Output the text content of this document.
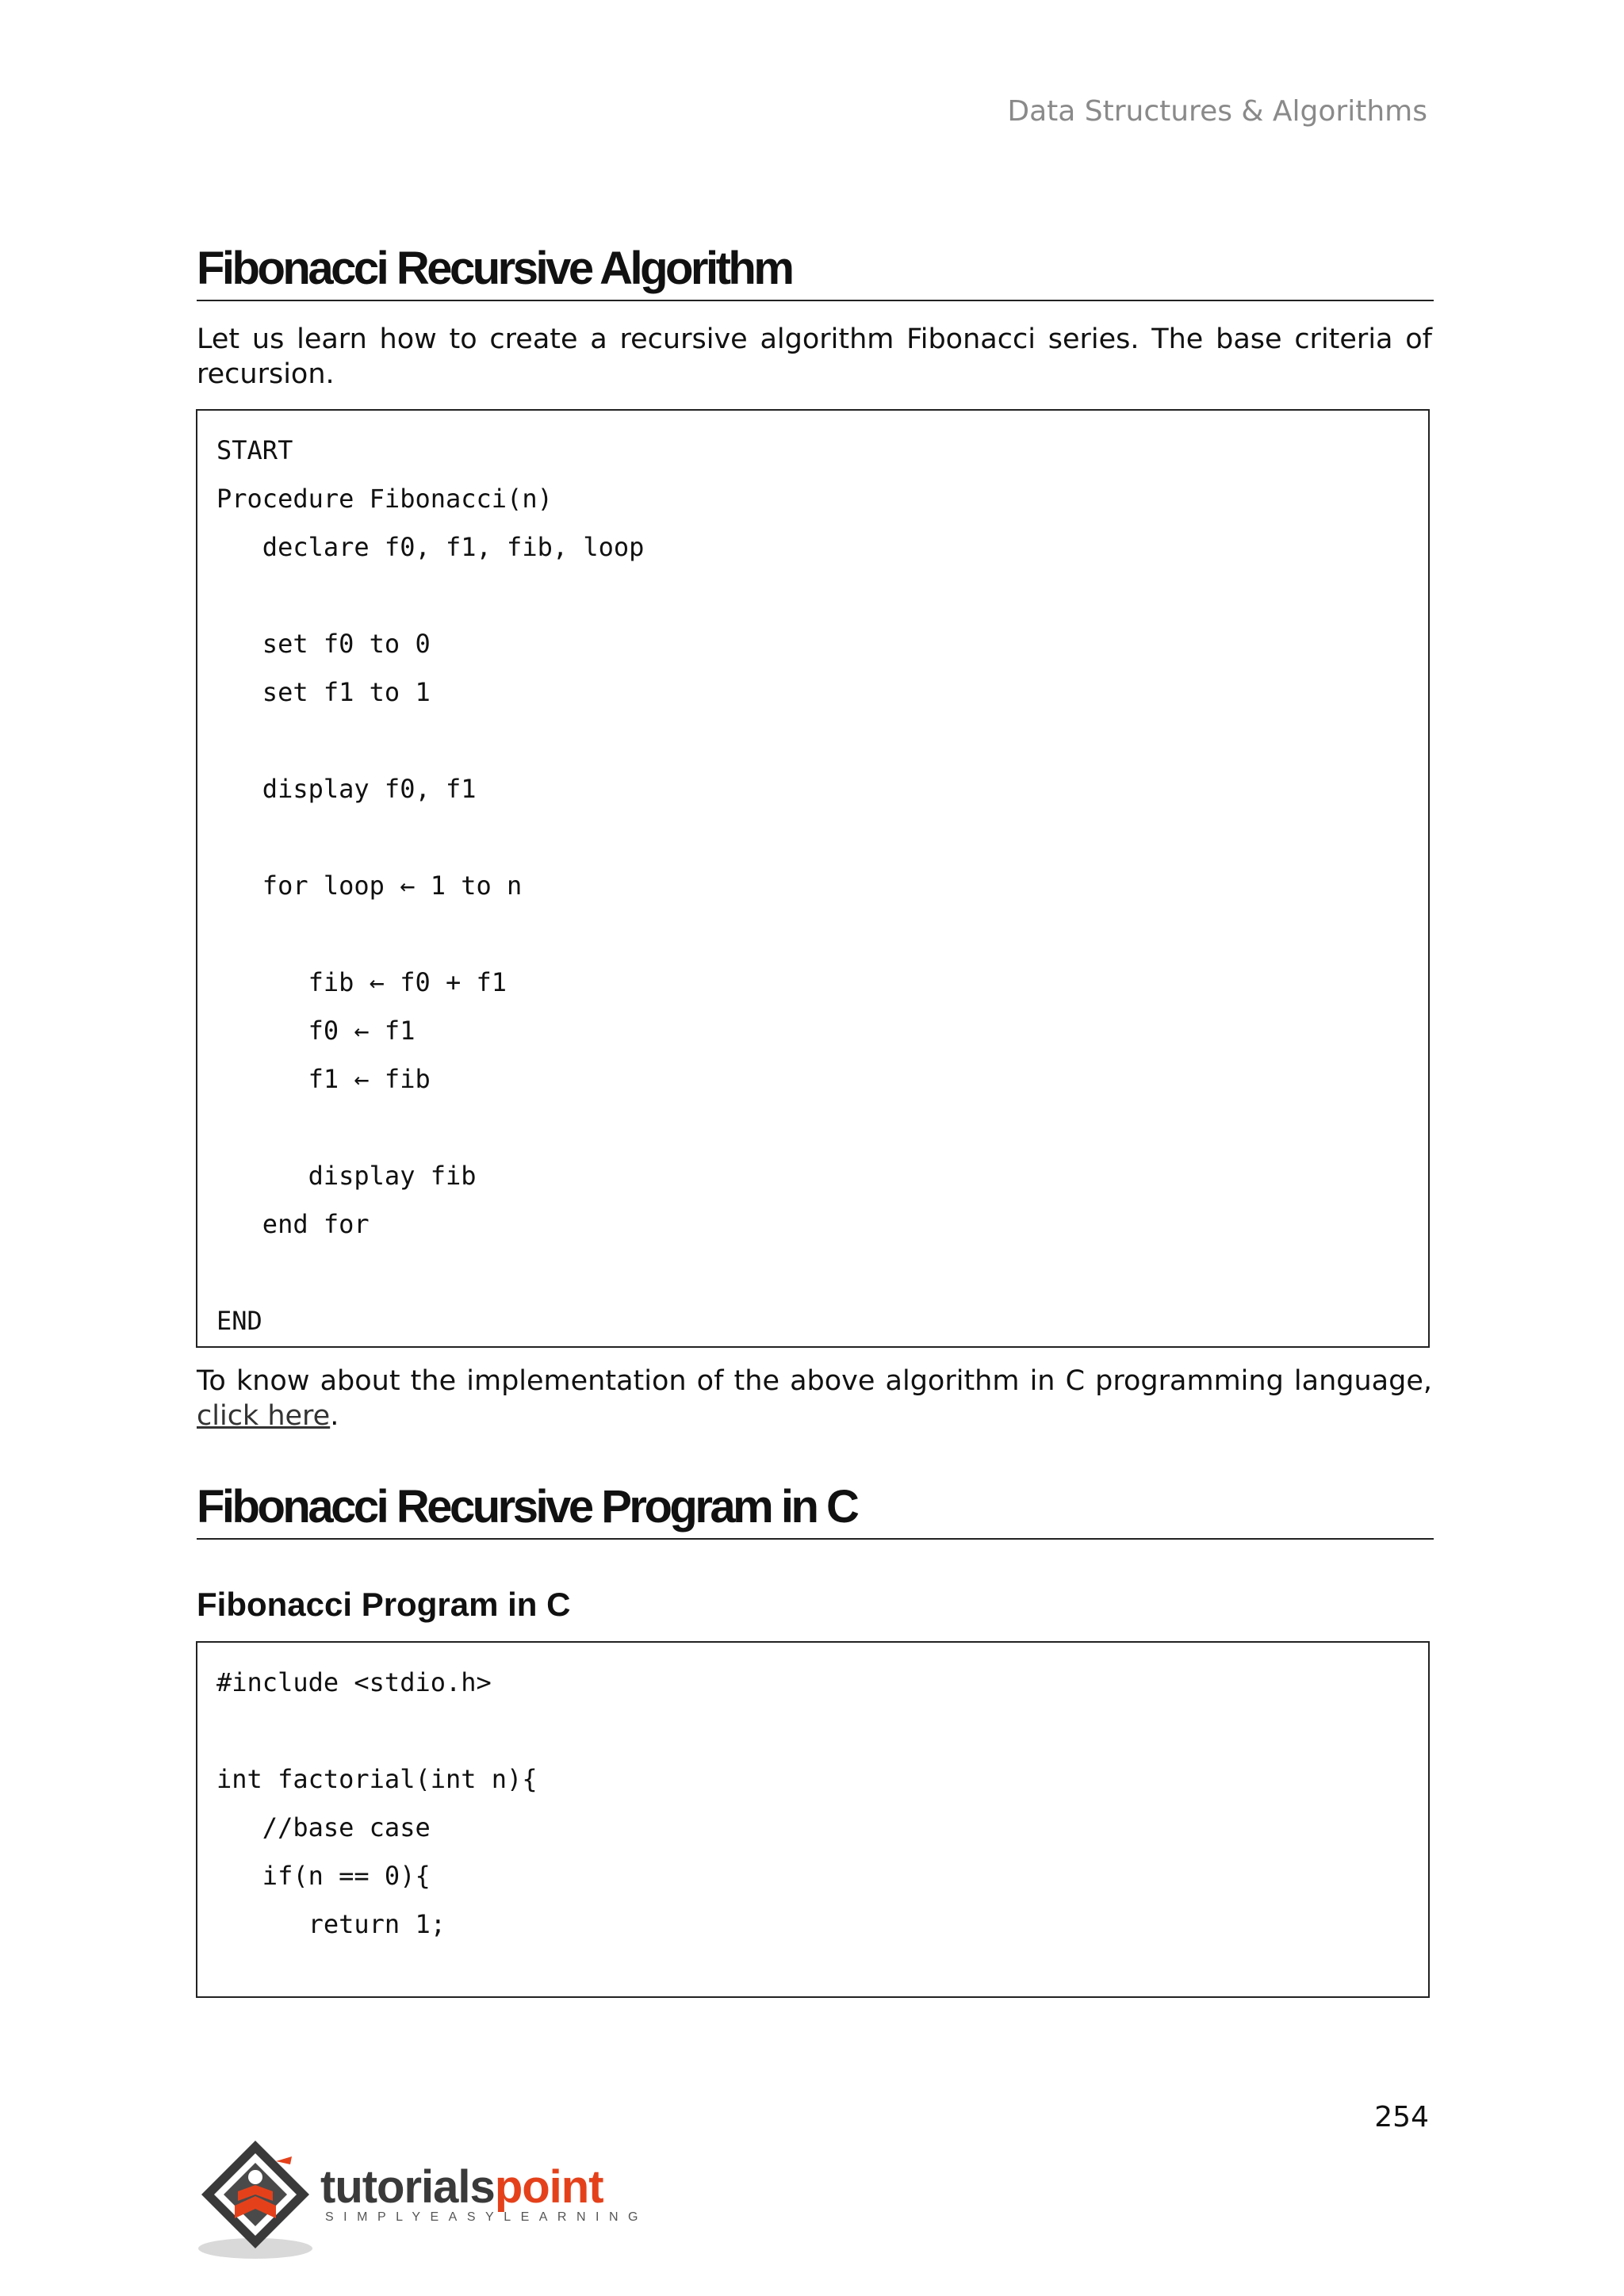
Data Structures & Algorithms
Fibonacci Recursive Algorithm
Let us learn how to create a recursive algorithm Fibonacci series. The base criteria of recursion.
START
Procedure Fibonacci(n)
declare f0, f1, fib, loop

set f0 to 0
set f1 to 1

display f0, f1

for loop ← 1 to n

fib ← f0 + f1
f0 ← f1
f1 ← fib

display fib
end for

END
To know about the implementation of the above algorithm in C programming language, click here.
Fibonacci Recursive Program in C
Fibonacci Program in C
#include <stdio.h>

int factorial(int n){
//base case
if(n == 0){
return 1;
254
tutorialspoint
SIMPLYEASYLEARNING
